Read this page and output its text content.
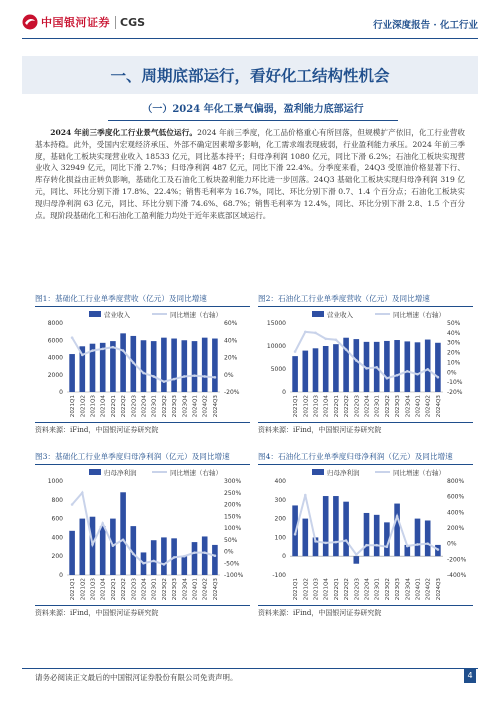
中国银河证券 CGS	行业深度报告 · 化工行业
一、周期底部运行，看好化工结构性机会
（一）2024 年化工景气偏弱，盈利能力底部运行
2024 年前三季度化工行业景气低位运行。2024 年前三季度，化工品价格重心有所回落，但规模扩产依旧，化工行业营收基本持稳。此外，受国内宏观经济承压、外部不确定因素增多影响，化工需求端表现疲弱，行业盈利能力承压。2024 年前三季度，基础化工板块实现营业收入 18533 亿元，同比基本持平；归母净利润 1080 亿元，同比下滑 6.2%；石油化工板块实现营业收入 32949 亿元，同比下滑 2.7%；归母净利润 487 亿元，同比下滑 22.4%。分季度来看，24Q3 受原油价格显著下行、库存转化损益由正转负影响，基础化工及石油化工板块盈利能力环比进一步回落。24Q3 基础化工板块实现归母净利润 319 亿元，同比、环比分别下滑 17.8%、22.4%；销售毛利率为 16.7%，同比、环比分别下滑 0.7、1.4 个百分点；石油化工板块实现归母净利润 63 亿元，同比、环比分别下滑 74.6%、68.7%；销售毛利率为 12.4%，同比、环比分别下滑 2.8、1.5 个百分点。现阶段基础化工和石油化工盈利能力均处于近年来底部区域运行。
图1：基础化工行业单季度营收（亿元）及同比增速
营业收入	同比增速（右轴）
0
2000
4000
6000
8000
-20%
0%
20%
40%
60%
2021Q1 2021Q2 2021Q3 2021Q4 2022Q1 2022Q2 2022Q3 2022Q4 2023Q1 2023Q2 2023Q3 2023Q4 2024Q1 2024Q2 2024Q3
资料来源：iFind，中国银河证券研究院
图2：石油化工行业单季度营收（亿元）及同比增速
营业收入	同比增速（右轴）
0
5000
10000
15000
-20%
-10%
0%
10%
20%
30%
40%
50%
2021Q1 2021Q2 2021Q3 2021Q4 2022Q1 2022Q2 2022Q3 2022Q4 2023Q1 2023Q2 2023Q3 2023Q4 2024Q1 2024Q2 2024Q3
资料来源：iFind，中国银河证券研究院
图3：基础化工行业单季度归母净利润（亿元）及同比增速
归母净利润	同比增速（右轴）
0
200
400
600
800
1000
-100%
-50%
0%
50%
100%
150%
200%
250%
300%
2021Q1 2021Q2 2021Q3 2021Q4 2022Q1 2022Q2 2022Q3 2022Q4 2023Q1 2023Q2 2023Q3 2023Q4 2024Q1 2024Q2 2024Q3
资料来源：iFind，中国银河证券研究院
图4：石油化工行业单季度归母净利润（亿元）及同比增速
归母净利润	同比增速（右轴）
-100
0
100
200
300
400
-400%
-200%
0%
200%
400%
600%
800%
2021Q1 2021Q2 2021Q3 2021Q4 2022Q1 2022Q2 2022Q3 2022Q4 2023Q1 2023Q2 2023Q3 2023Q4 2024Q1 2024Q2 2024Q3
资料来源：iFind，中国银河证券研究院
请务必阅读正文最后的中国银河证券股份有限公司免责声明。	4
